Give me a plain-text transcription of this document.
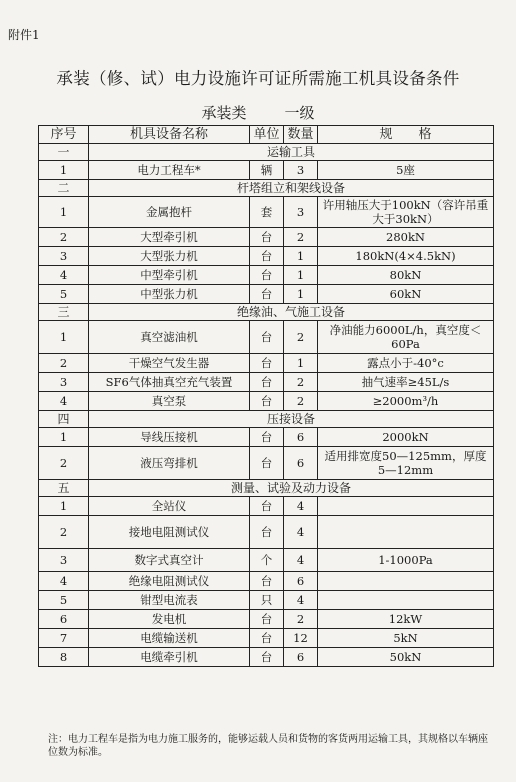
附件1
承装（修、试）电力设施许可证所需施工机具设备条件
承装类	一级
序号	机具设备名称	单位	数量	规　　格
一	运输工具			
1	电力工程车*	辆	3	5座
二	杆塔组立和架线设备			
1	金属抱杆	套	3	许用轴压大于100kN（容许吊重大于30kN）
2	大型牵引机	台	2	280kN
3	大型张力机	台	1	180kN(4×4.5kN)
4	中型牵引机	台	1	80kN
5	中型张力机	台	1	60kN
三	绝缘油、气施工设备			
1	真空滤油机	台	2	净油能力6000L/h，真空度＜60Pa
2	干燥空气发生器	台	1	露点小于-40°c
3	SF6气体抽真空充气装置	台	2	抽气速率≥45L/s
4	真空泵	台	2	≥2000m³/h
四	压接设备			
1	导线压接机	台	6	2000kN
2	液压弯排机	台	6	适用排宽度50—125mm，厚度5—12mm
五	测量、试验及动力设备			
1	全站仪	台	4	
2	接地电阻测试仪	台	4	
3	数字式真空计	个	4	1-1000Pa
4	绝缘电阻测试仪	台	6	
5	钳型电流表	只	4	
6	发电机	台	2	12kW
7	电缆输送机	台	12	5kN
8	电缆牵引机	台	6	50kN
注：电力工程车是指为电力施工服务的，能够运载人员和货物的客货两用运输工具，其规格以车辆座位数为标准。
